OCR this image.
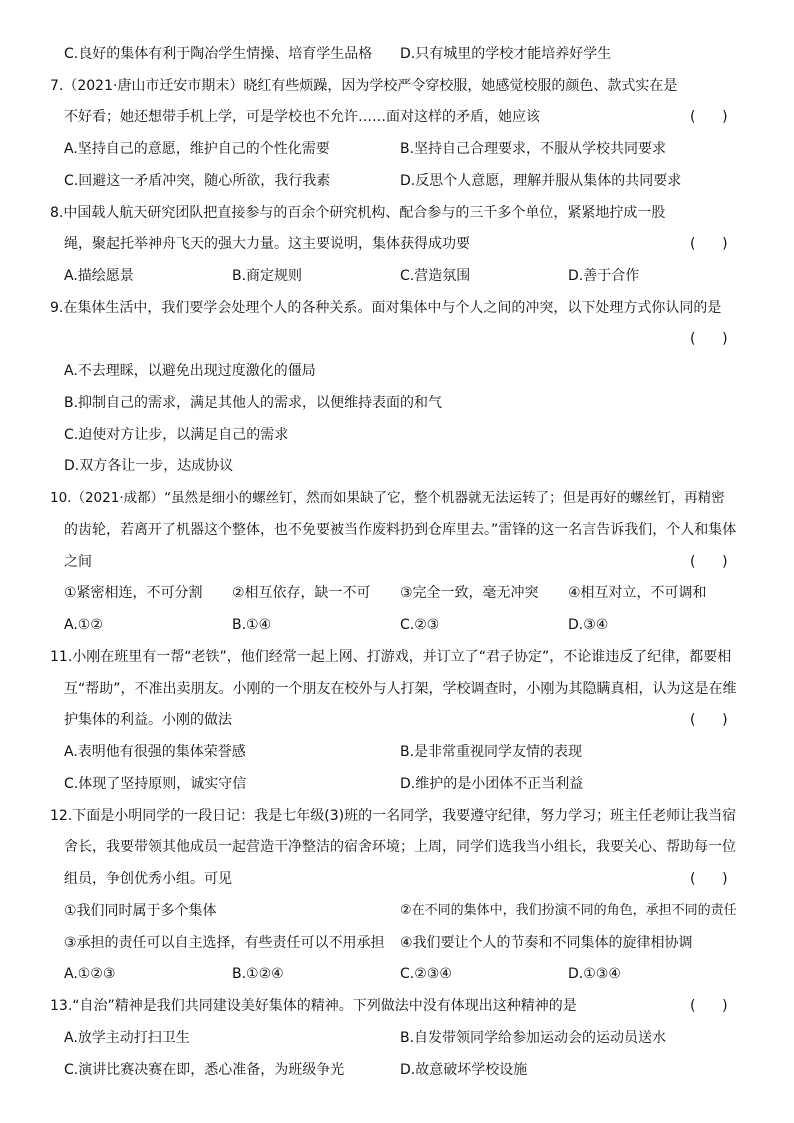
C.良好的集体有利于陶冶学生情操、培育学生品格 D.只有城里的学校才能培养好学生
7.（2021·唐山市迁安市期末）晓红有些烦躁，因为学校严令穿校服，她感觉校服的颜色、款式实在是
不好看；她还想带手机上学，可是学校也不允许……面对这样的矛盾，她应该	(      )
A.坚持自己的意愿，维护自己的个性化需要	B.坚持自己合理要求，不服从学校共同要求
C.回避这一矛盾冲突，随心所欲，我行我素	D.反思个人意愿，理解并服从集体的共同要求
8.中国载人航天研究团队把直接参与的百余个研究机构、配合参与的三千多个单位，紧紧地拧成一股
绳，聚起托举神舟飞天的强大力量。这主要说明，集体获得成功要	(      )
A.描绘愿景	B.商定规则	C.营造氛围	D.善于合作
9.在集体生活中，我们要学会处理个人的各种关系。面对集体中与个人之间的冲突，以下处理方式你认同的是
(      )
A.不去理睬，以避免出现过度激化的僵局
B.抑制自己的需求，满足其他人的需求，以便维持表面的和气
C.迫使对方让步，以满足自己的需求
D.双方各让一步，达成协议
10.（2021·成都）“虽然是细小的螺丝钉，然而如果缺了它，整个机器就无法运转了；但是再好的螺丝钉，再精密
的齿轮，若离开了机器这个整体，也不免要被当作废料扔到仓库里去。”雷锋的这一名言告诉我们，个人和集体
之间	(      )
①紧密相连，不可分割 ②相互依存，缺一不可 ③完全一致，毫无冲突 ④相互对立，不可调和
A.①②	B.①④	C.②③	D.③④
11.小刚在班里有一帮“老铁”，他们经常一起上网、打游戏，并订立了“君子协定”，不论谁违反了纪律，都要相
互“帮助”，不准出卖朋友。小刚的一个朋友在校外与人打架，学校调查时，小刚为其隐瞒真相，认为这是在维
护集体的利益。小刚的做法	(      )
A.表明他有很强的集体荣誉感	B.是非常重视同学友情的表现
C.体现了坚持原则，诚实守信	D.维护的是小团体不正当利益
12.下面是小明同学的一段日记：我是七年级(3)班的一名同学，我要遵守纪律，努力学习；班主任老师让我当宿
舍长，我要带领其他成员一起营造干净整洁的宿舍环境；上周，同学们选我当小组长，我要关心、帮助每一位
组员，争创优秀小组。可见	(      )
①我们同时属于多个集体	②在不同的集体中，我们扮演不同的角色，承担不同的责任
③承担的责任可以自主选择，有些责任可以不用承担 ④我们要让个人的节奏和不同集体的旋律相协调
A.①②③	B.①②④	C.②③④	D.①③④
13.“自治”精神是我们共同建设美好集体的精神。下列做法中没有体现出这种精神的是	(      )
A.放学主动打扫卫生	B.自发带领同学给参加运动会的运动员送水
C.演讲比赛决赛在即，悉心准备，为班级争光	D.故意破坏学校设施
